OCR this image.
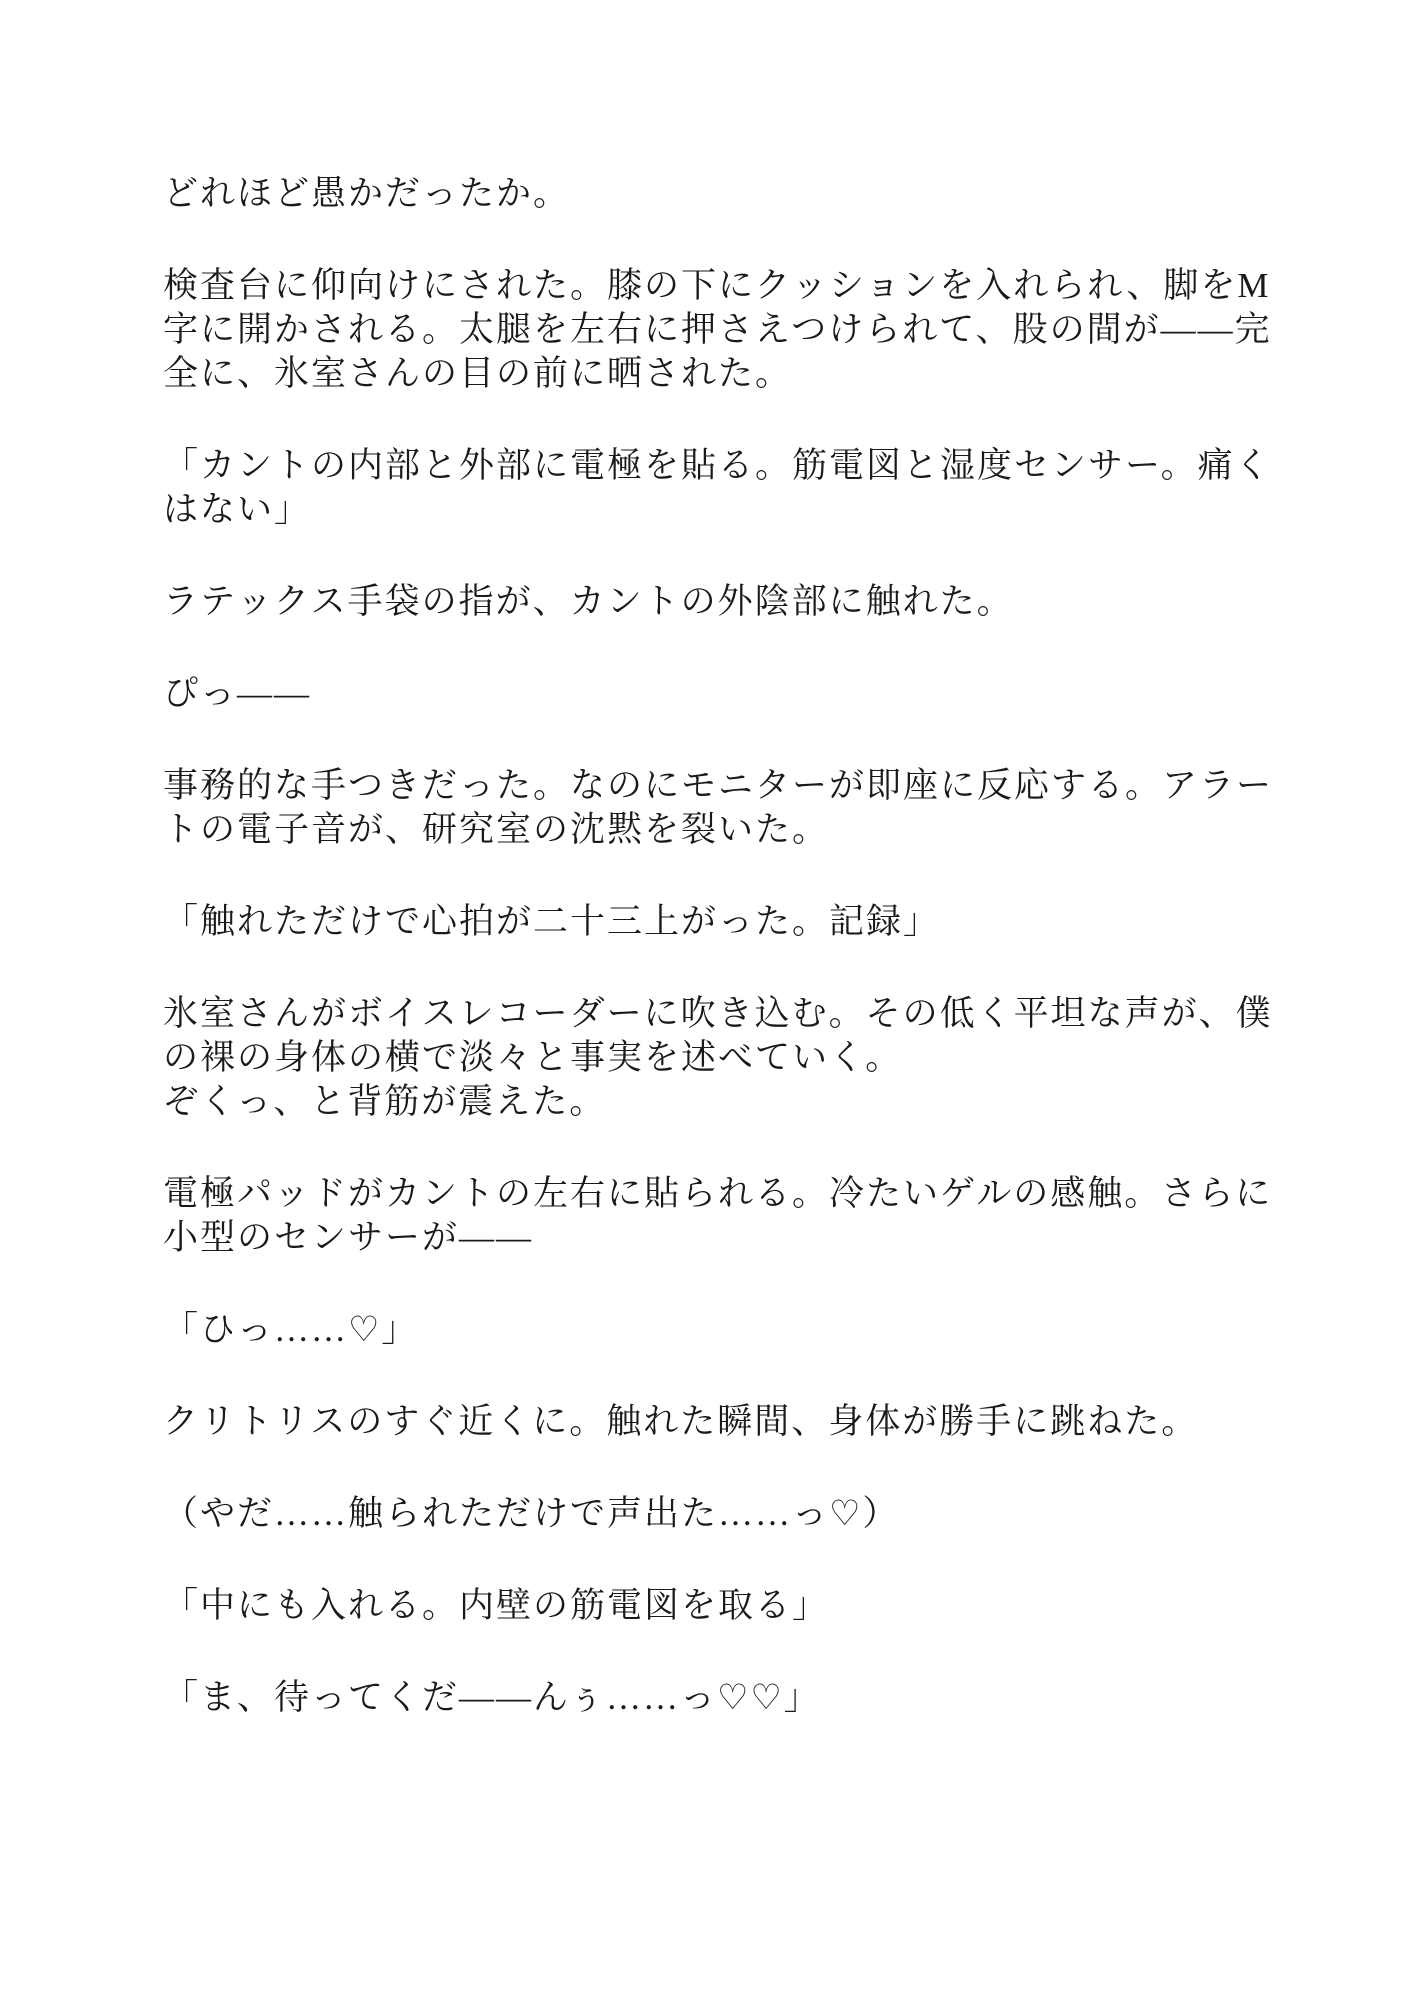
どれほど愚かだったか。

検査台に仰向けにされた。膝の下にクッションを入れられ、脚をM
字に開かされる。太腿を左右に押さえつけられて、股の間が――完
全に、氷室さんの目の前に晒された。

「カントの内部と外部に電極を貼る。筋電図と湿度センサー。痛く
はない」

ラテックス手袋の指が、カントの外陰部に触れた。

ぴっ――

事務的な手つきだった。なのにモニターが即座に反応する。アラー
トの電子音が、研究室の沈黙を裂いた。

「触れただけで心拍が二十三上がった。記録」

氷室さんがボイスレコーダーに吹き込む。その低く平坦な声が、僕
の裸の身体の横で淡々と事実を述べていく。
ぞくっ、と背筋が震えた。

電極パッドがカントの左右に貼られる。冷たいゲルの感触。さらに
小型のセンサーが――

「ひっ……♡」

クリトリスのすぐ近くに。触れた瞬間、身体が勝手に跳ねた。

（やだ……触られただけで声出た……っ♡）

「中にも入れる。内壁の筋電図を取る」

「ま、待ってくだ――んぅ……っ♡♡」
